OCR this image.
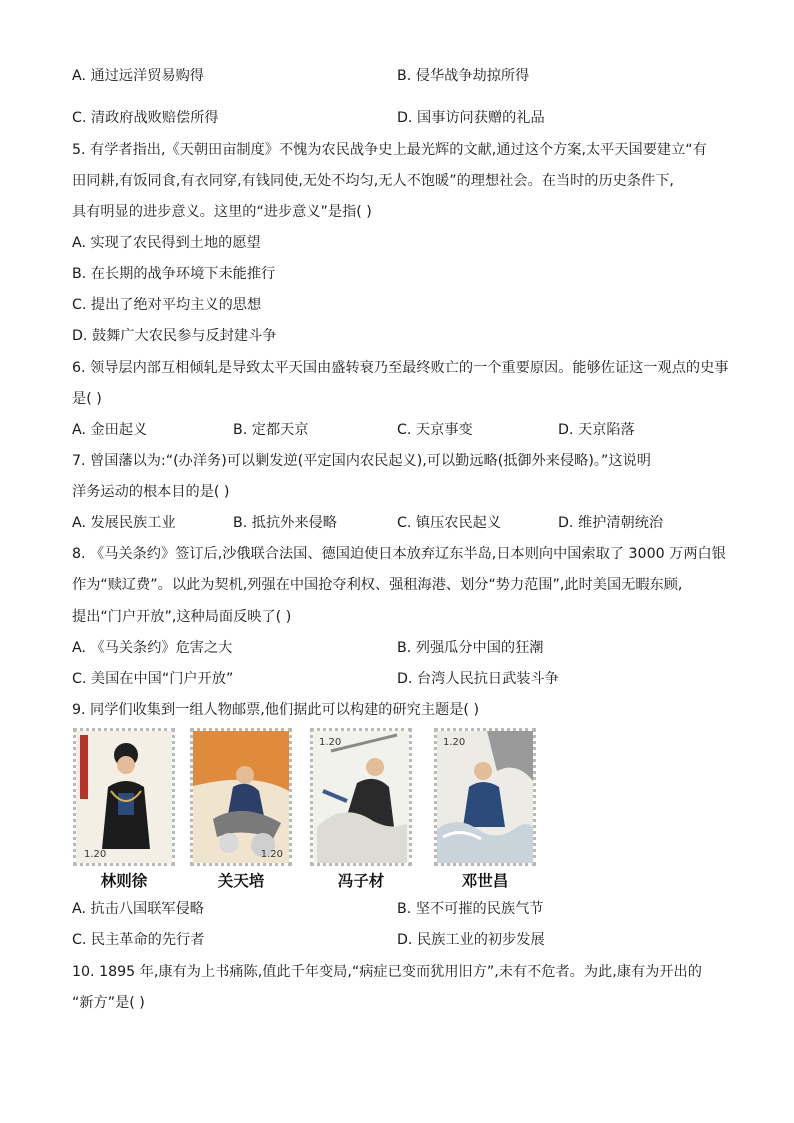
A. 通过远洋贸易购得	B. 侵华战争劫掠所得
C. 清政府战败赔偿所得	D. 国事访问获赠的礼品
5. 有学者指出,《天朝田亩制度》不愧为农民战争史上最光辉的文献,通过这个方案,太平天国要建立“有
田同耕,有饭同食,有衣同穿,有钱同使,无处不均匀,无人不饱暖”的理想社会。在当时的历史条件下,
具有明显的进步意义。这里的“进步意义”是指( )
A. 实现了农民得到土地的愿望
B. 在长期的战争环境下未能推行
C. 提出了绝对平均主义的思想
D. 鼓舞广大农民参与反封建斗争
6. 领导层内部互相倾轧是导致太平天国由盛转衰乃至最终败亡的一个重要原因。能够佐证这一观点的史事
是( )
A. 金田起义	B. 定都天京	C. 天京事变	D. 天京陷落
7. 曾国藩以为:“(办洋务)可以剿发逆(平定国内农民起义),可以勤远略(抵御外来侵略)。”这说明
洋务运动的根本目的是( )
A. 发展民族工业	B. 抵抗外来侵略	C. 镇压农民起义	D. 维护清朝统治
8. 《马关条约》签订后,沙俄联合法国、德国迫使日本放弃辽东半岛,日本则向中国索取了 3000 万两白银
作为“赎辽费”。以此为契机,列强在中国抢夺利权、强租海港、划分“势力范围”,此时美国无暇东顾,
提出“门户开放”,这种局面反映了( )
A. 《马关条约》危害之大	B. 列强瓜分中国的狂潮
C. 美国在中国“门户开放”	D. 台湾人民抗日武装斗争
9. 同学们收集到一组人物邮票,他们据此可以构建的研究主题是( )
1.20
林则徐
1.20
关天培
1.20
冯子材
1.20
邓世昌
A. 抗击八国联军侵略	B. 坚不可摧的民族气节
C. 民主革命的先行者	D. 民族工业的初步发展
10. 1895 年,康有为上书痛陈,值此千年变局,“病症已变而犹用旧方”,未有不危者。为此,康有为开出的
“新方”是( )
